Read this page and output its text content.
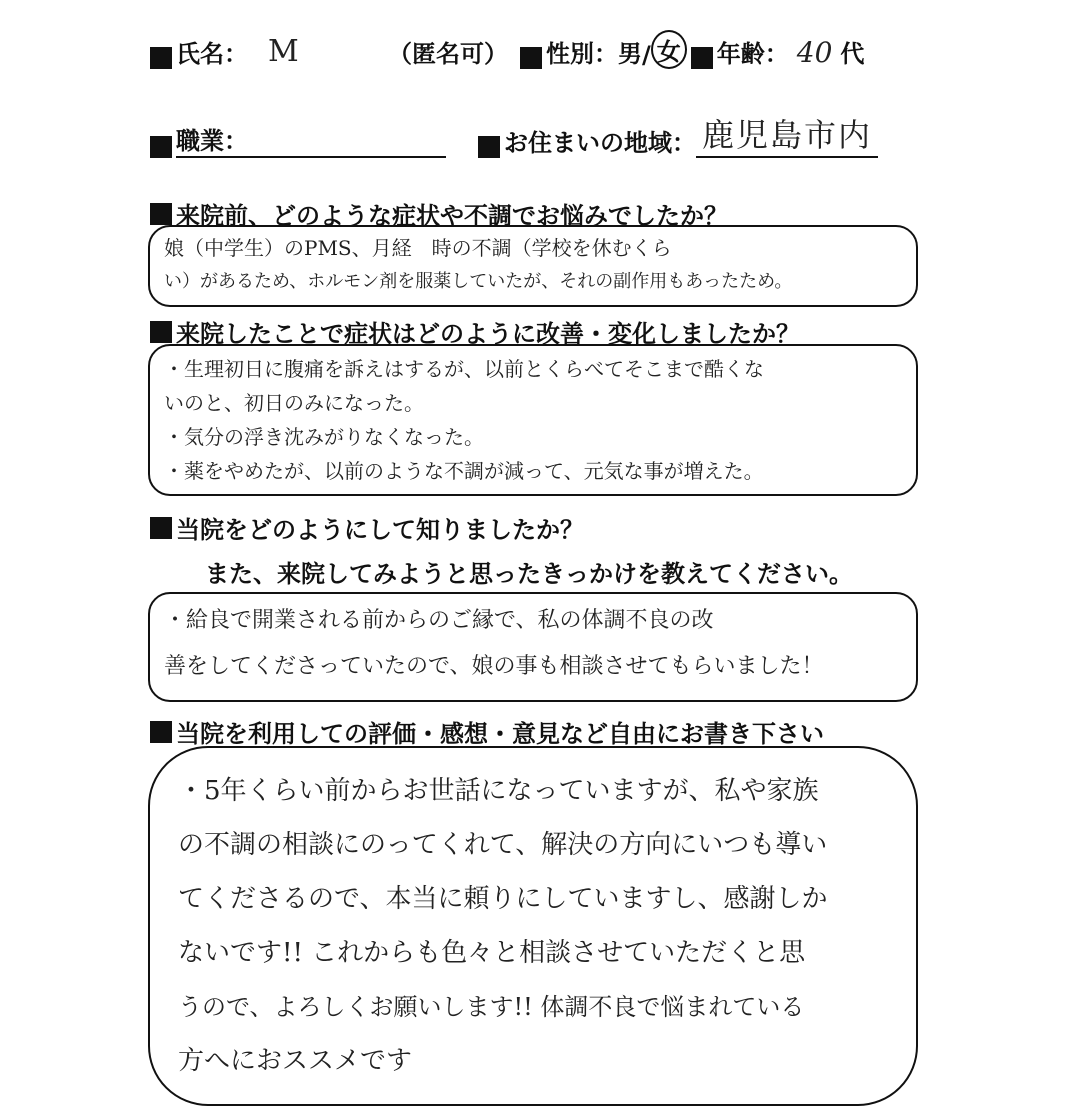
氏名： M	（匿名可） 性別： 男 / 女 年齢： 40 代
職業：	お住まいの地域： 鹿児島市内
来院前、どのような症状や不調でお悩みでしたか？

娘（中学生）のPMS、月経　時の不調（学校を休むくら

い）があるため、ホルモン剤を服薬していたが、それの副作用もあったため。

来院したことで症状はどのように改善・変化しましたか？

・生理初日に腹痛を訴えはするが、以前とくらべてそこまで酷くな

いのと、初日のみになった。

・気分の浮き沈みがりなくなった。

・薬をやめたが、以前のような不調が減って、元気な事が増えた。

当院をどのようにして知りましたか？
また、来院してみようと思ったきっかけを教えてください。

・給良で開業される前からのご縁で、私の体調不良の改

善をしてくださっていたので、娘の事も相談させてもらいました！

当院を利用しての評価・感想・意見など自由にお書き下さい

・5年くらい前からお世話になっていますが、私や家族

の不調の相談にのってくれて、解決の方向にいつも導い

てくださるので、本当に頼りにしていますし、感謝しか

ないです!! これからも色々と相談させていただくと思

うので、よろしくお願いします!! 体調不良で悩まれている

方へにおススメです
